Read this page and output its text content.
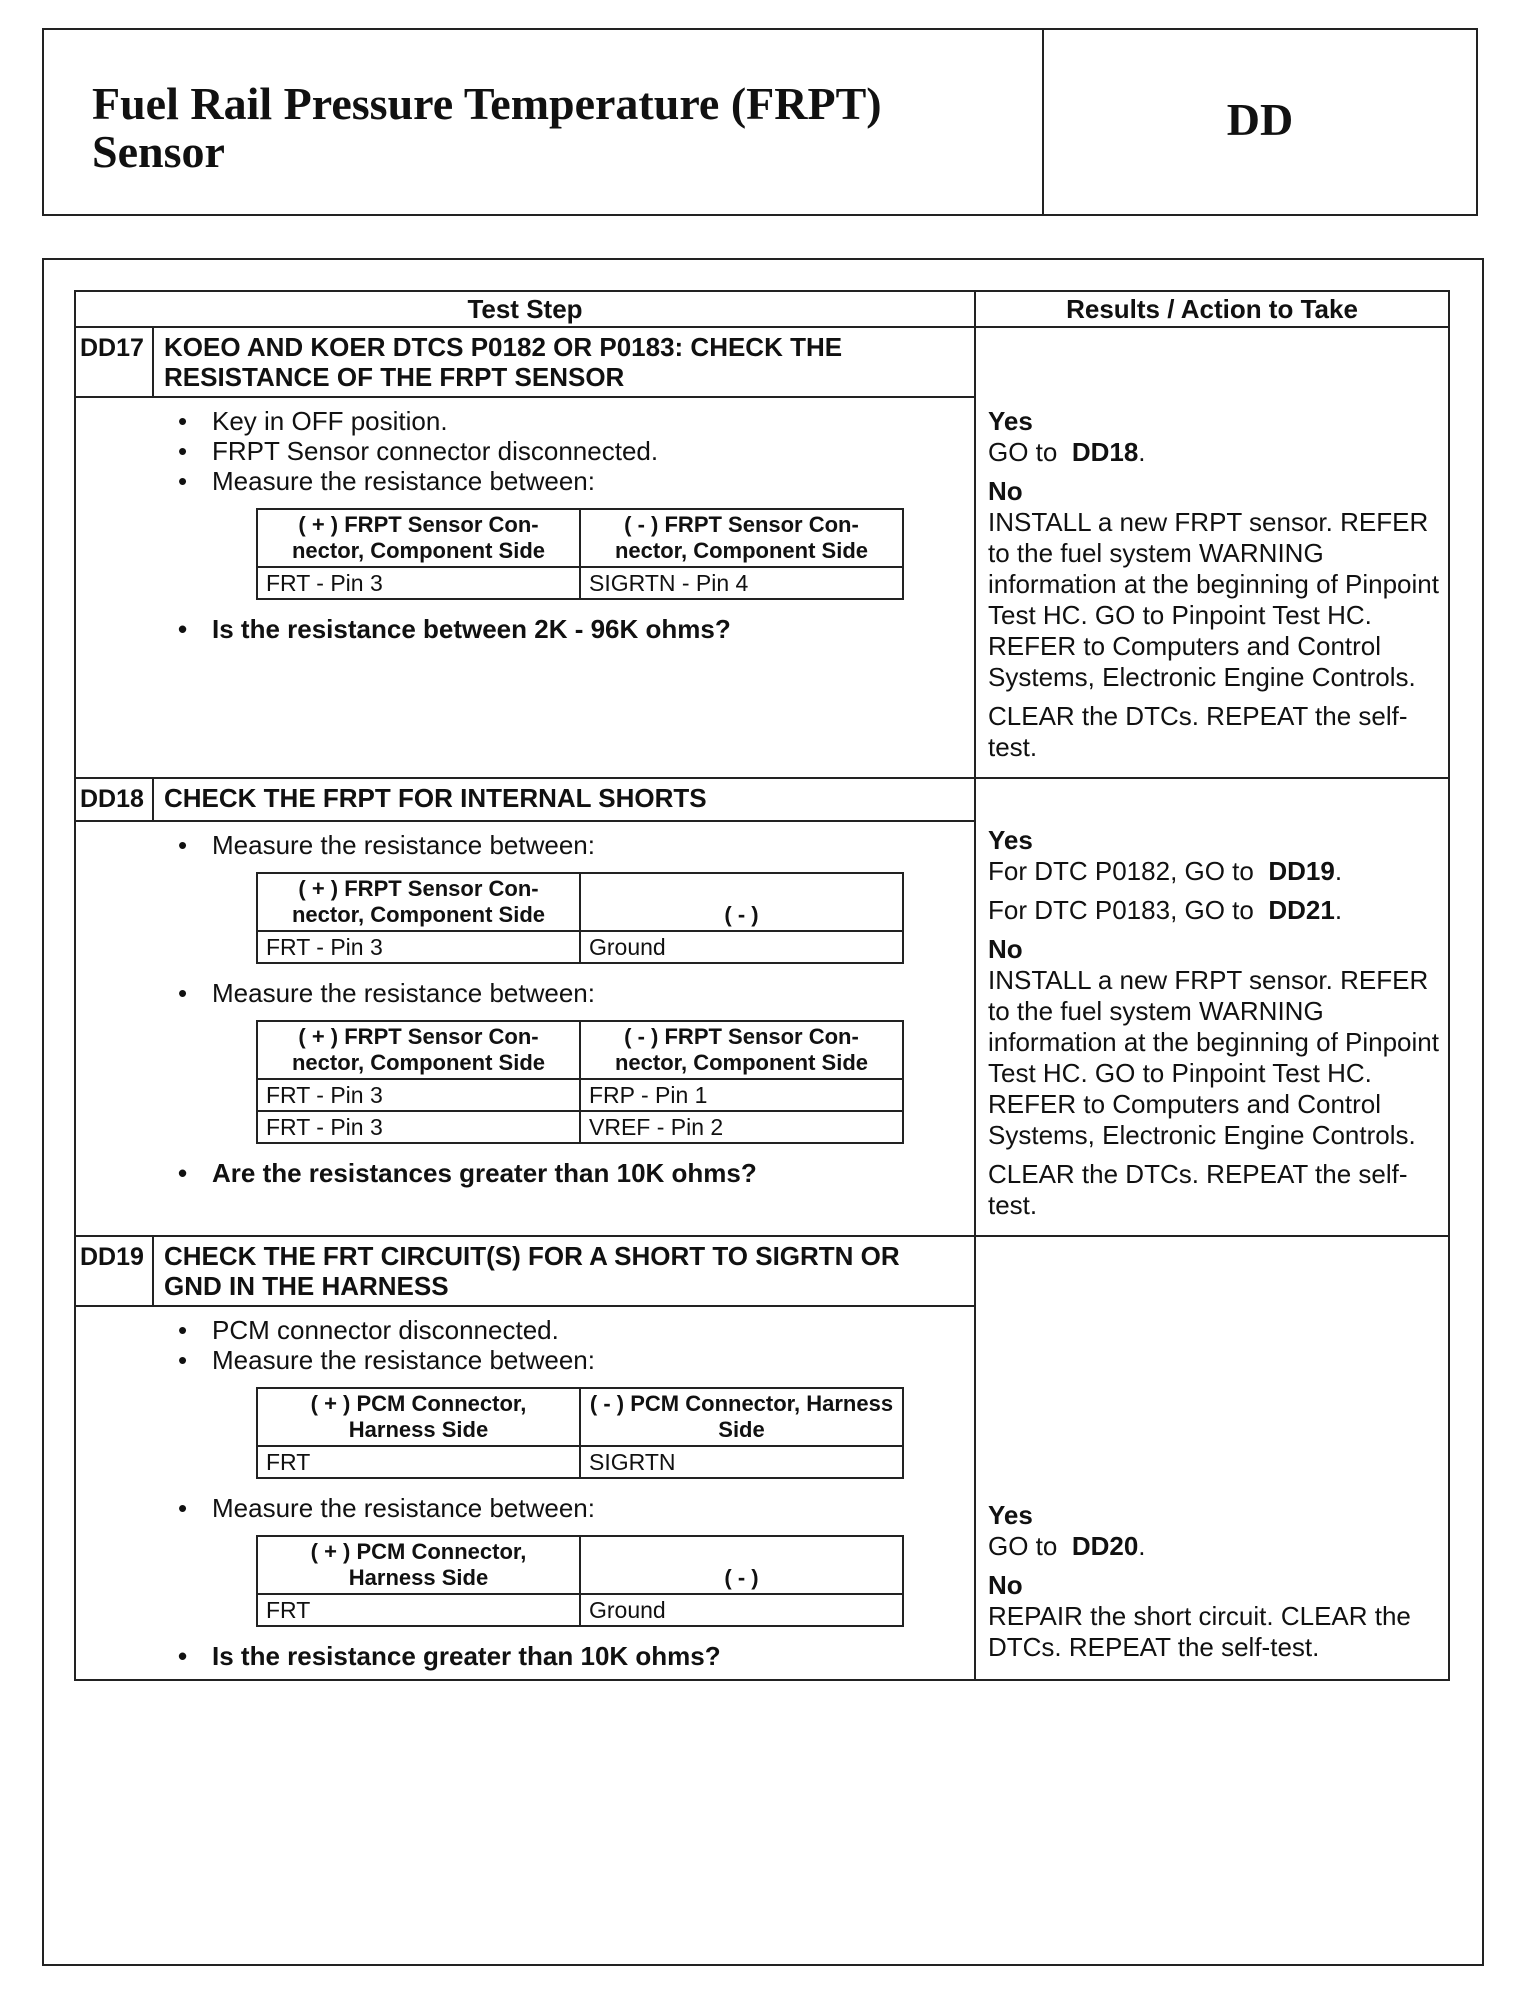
Fuel Rail Pressure Temperature (FRPT)
Sensor
DD
Test Step	Results / Action to Take

DD17 KOEO AND KOER DTCS P0182 OR P0183: CHECK THE RESISTANCE OF THE FRPT SENSOR
• Key in OFF position.
• FRPT Sensor connector disconnected.
• Measure the resistance between:
( + ) FRPT Sensor Con-nector, Component Side	( - ) FRPT Sensor Con-nector, Component Side
FRT - Pin 3	SIGRTN - Pin 4
• Is the resistance between 2K - 96K ohms?

Yes

GO to DD18.

No

INSTALL a new FRPT sensor. REFER to the fuel system WARNING information at the beginning of Pinpoint Test HC. GO to Pinpoint Test HC. REFER to Computers and Control Systems, Electronic Engine Controls.

CLEAR the DTCs. REPEAT the self-test.

DD18 CHECK THE FRPT FOR INTERNAL SHORTS
• Measure the resistance between:
( + ) FRPT Sensor Con-nector, Component Side	( - )
FRT - Pin 3	Ground
• Measure the resistance between:
( + ) FRPT Sensor Con-nector, Component Side	( - ) FRPT Sensor Con-nector, Component Side
FRT - Pin 3	FRP - Pin 1
FRT - Pin 3	VREF - Pin 2
• Are the resistances greater than 10K ohms?

Yes

For DTC P0182, GO to DD19.

For DTC P0183, GO to DD21.

No

INSTALL a new FRPT sensor. REFER to the fuel system WARNING information at the beginning of Pinpoint Test HC. GO to Pinpoint Test HC. REFER to Computers and Control Systems, Electronic Engine Controls.

CLEAR the DTCs. REPEAT the self-test.

DD19 CHECK THE FRT CIRCUIT(S) FOR A SHORT TO SIGRTN OR GND IN THE HARNESS
• PCM connector disconnected.
• Measure the resistance between:
( + ) PCM Connector, Harness Side	( - ) PCM Connector, Harness Side
FRT	SIGRTN
• Measure the resistance between:
( + ) PCM Connector, Harness Side	( - )
FRT	Ground
• Is the resistance greater than 10K ohms?

Yes

GO to DD20.

No

REPAIR the short circuit. CLEAR the DTCs. REPEAT the self-test.
